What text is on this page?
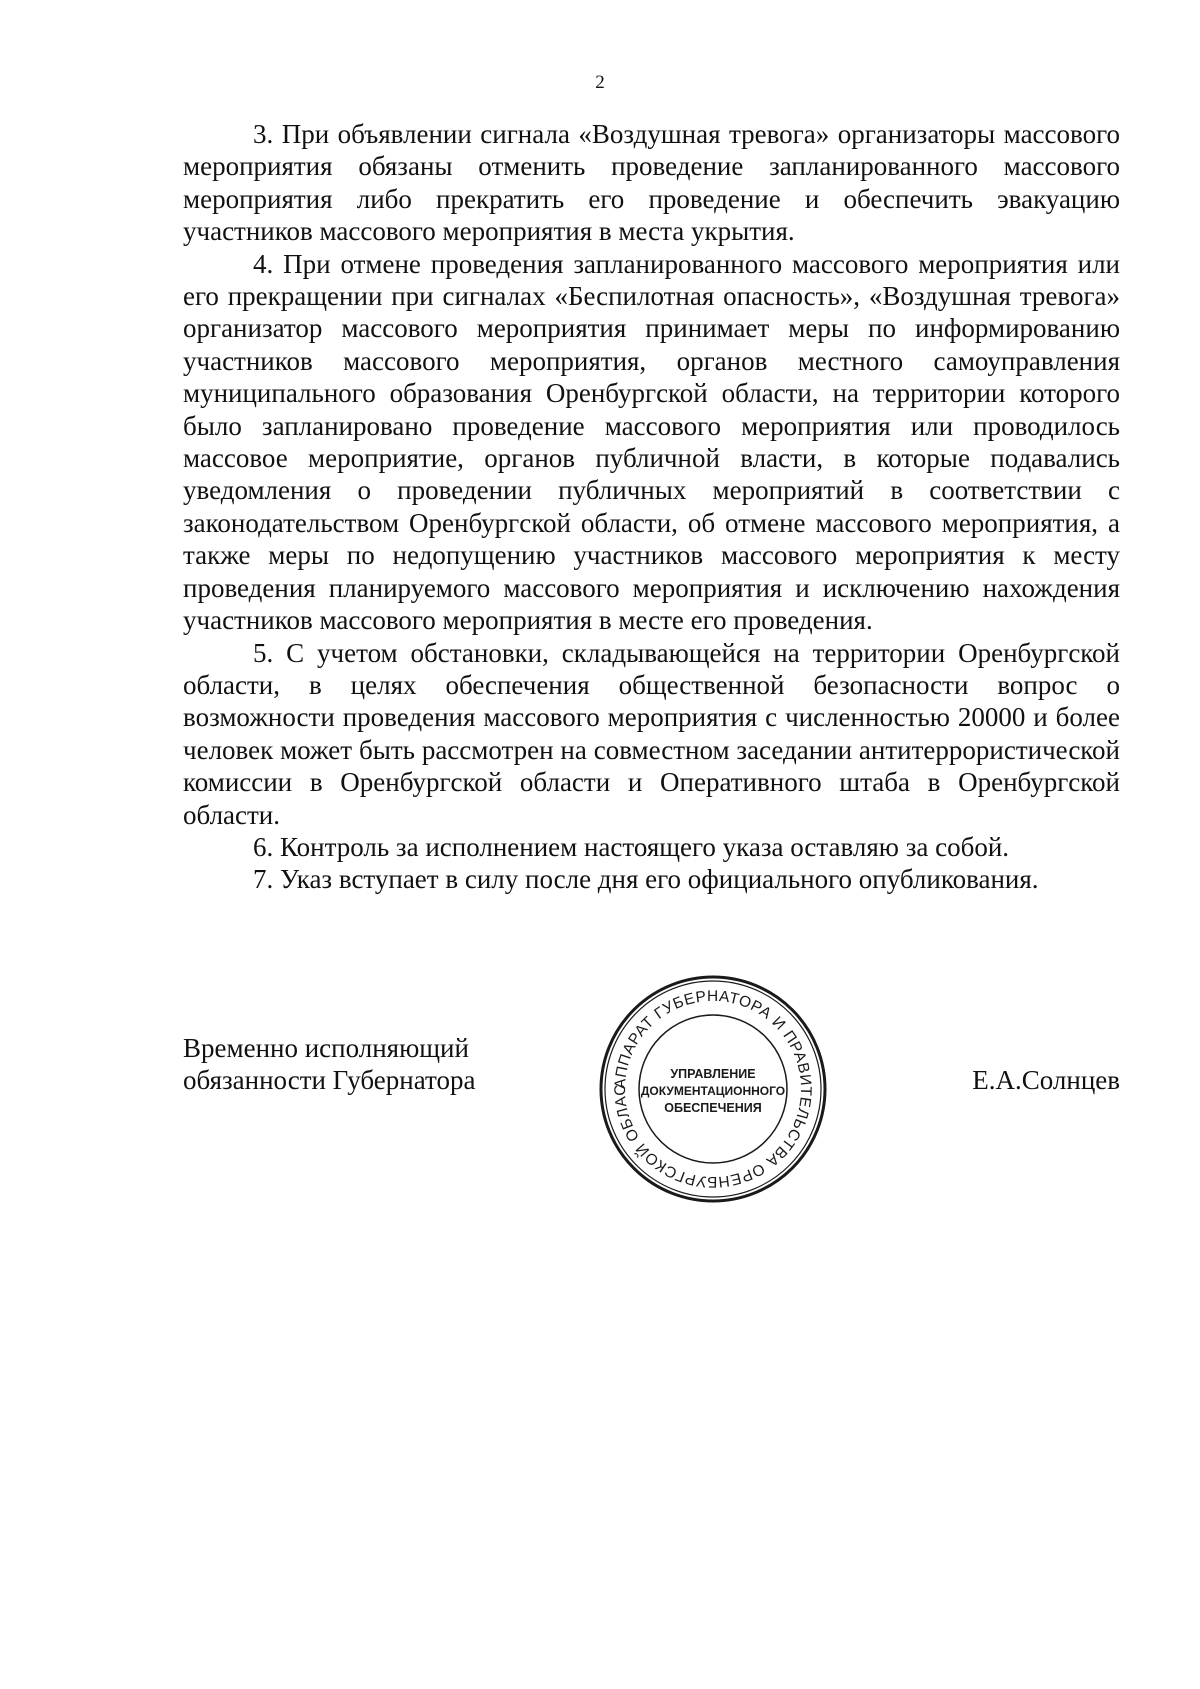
2

3. При объявлении сигнала «Воздушная тревога» организаторы массового мероприятия обязаны отменить проведение запланированного массового мероприятия либо прекратить его проведение и обеспечить эвакуацию участников массового мероприятия в места укрытия.

4. При отмене проведения запланированного массового мероприятия или его прекращении при сигналах «Беспилотная опасность», «Воздушная тревога» организатор массового мероприятия принимает меры по информированию участников массового мероприятия, органов местного самоуправления муниципального образования Оренбургской области, на территории которого было запланировано проведение массового мероприятия или проводилось массовое мероприятие, органов публичной власти, в которые подавались уведомления о проведении публичных мероприятий в соответствии с законодательством Оренбургской области, об отмене массового мероприятия, а также меры по недопущению участников массового мероприятия к месту проведения планируемого массового мероприятия и исключению нахождения участников массового мероприятия в месте его проведения.

5. С учетом обстановки, складывающейся на территории Оренбургской области, в целях обеспечения общественной безопасности вопрос о возможности проведения массового мероприятия с численностью 20000 и более человек может быть рассмотрен на совместном заседании антитеррористической комиссии в Оренбургской области и Оперативного штаба в Оренбургской области.

6. Контроль за исполнением настоящего указа оставляю за собой.

7. Указ вступает в силу после дня его официального опубликования.

Временно исполняющий
обязанности Губернатора	Е.А.Солнцев
АППАРАТ ГУБЕРНАТОРА И ПРАВИТЕЛЬСТВА ОРЕНБУРГСКОЙ ОБЛАС
УПРАВЛЕНИЕ
ДОКУМЕНТАЦИОННОГО
ОБЕСПЕЧЕНИЯ
